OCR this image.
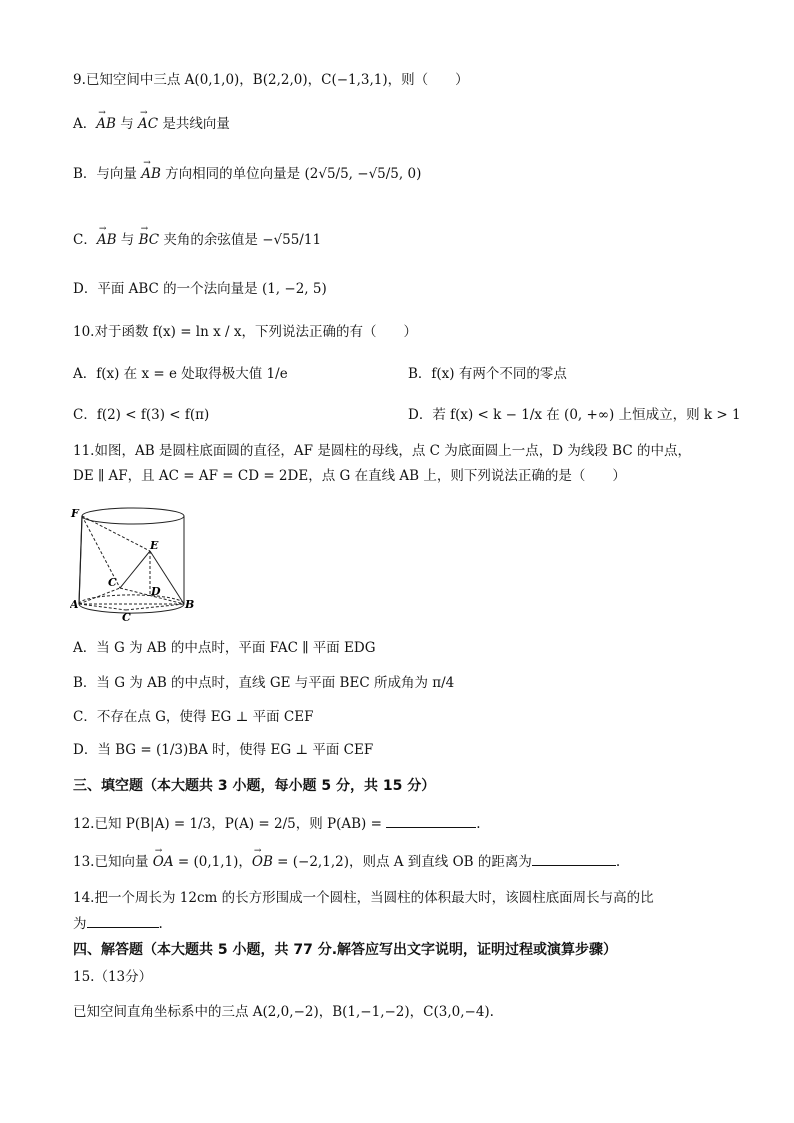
9.已知空间中三点 A(0,1,0)，B(2,2,0)，C(−1,3,1)，则（　　）
A．→ AB 与 → AC 是共线向量
B．与向量 → AB 方向相同的单位向量是 (2√5/5, −√5/5, 0)
C．→ AB 与 → BC 夹角的余弦值是 −√55/11
D．平面 ABC 的一个法向量是 (1, −2, 5)
10.对于函数 f(x) = ln x / x，下列说法正确的有（　　）
A．f(x) 在 x = e 处取得极大值 1/e	B．f(x) 有两个不同的零点
C．f(2) < f(3) < f(π)	D．若 f(x) < k − 1/x 在 (0, +∞) 上恒成立，则 k > 1
11.如图，AB 是圆柱底面圆的直径，AF 是圆柱的母线，点 C 为底面圆上一点，D 为线段 BC 的中点，
DE ∥ AF，且 AC = AF = CD = 2DE，点 G 在直线 AB 上，则下列说法正确的是（　　）
F
E
C
D
A	B
C
A．当 G 为 AB 的中点时，平面 FAC ∥ 平面 EDG
B．当 G 为 AB 的中点时，直线 GE 与平面 BEC 所成角为 π/4
C．不存在点 G，使得 EG ⊥ 平面 CEF
D．当 BG = (1/3)BA 时，使得 EG ⊥ 平面 CEF
三、填空题（本大题共 3 小题，每小题 5 分，共 15 分）
12.已知 P(B|A) = 1/3，P(A) = 2/5，则 P(AB) =	.
13.已知向量 → OA = (0,1,1)，→ OB = (−2,1,2)，则点 A 到直线 OB 的距离为	.
14.把一个周长为 12cm 的长方形围成一个圆柱，当圆柱的体积最大时，该圆柱底面周长与高的比
为	.
四、解答题（本大题共 5 小题，共 77 分.解答应写出文字说明，证明过程或演算步骤）
15.（13分）
已知空间直角坐标系中的三点 A(2,0,−2)，B(1,−1,−2)，C(3,0,−4).
